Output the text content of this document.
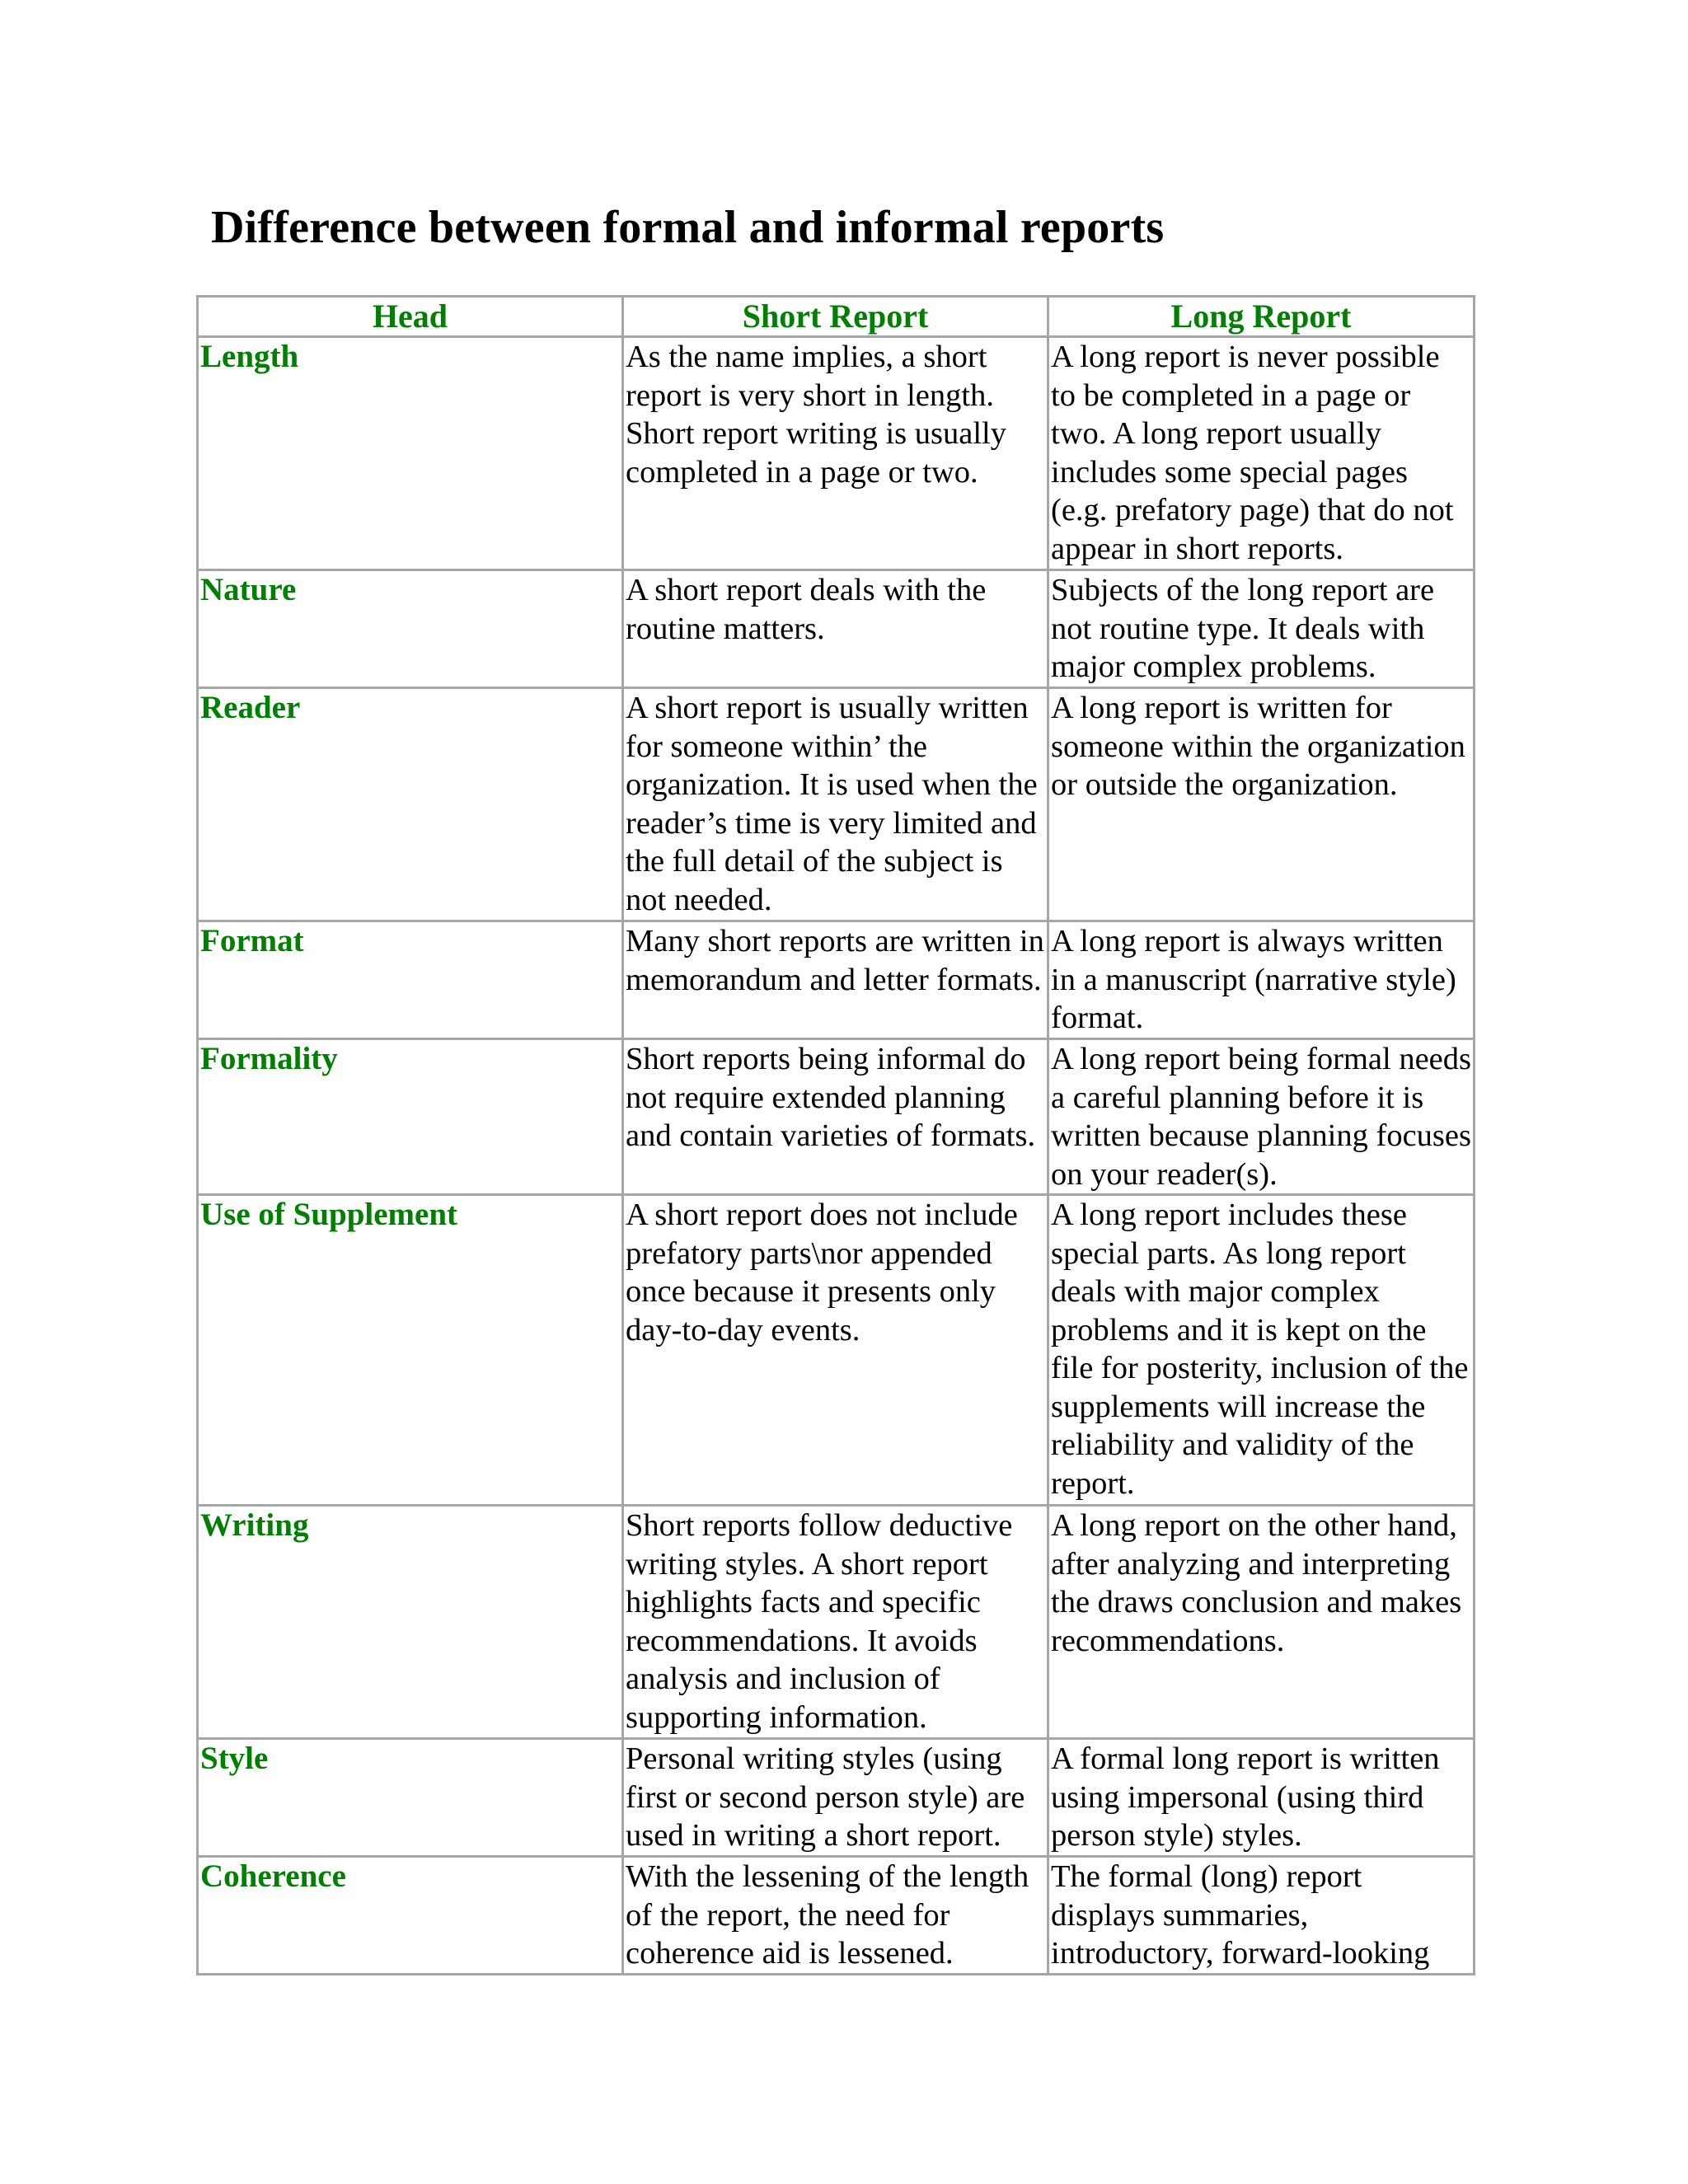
Difference between formal and informal reports
Head	Short Report	Long Report
Length	As the name implies, a short report is very short in length. Short report writing is usually completed in a page or two.	A long report is never possible to be completed in a page or two. A long report usually includes some special pages (e.g. prefatory page) that do not appear in short reports.
Nature	A short report deals with the routine matters.	Subjects of the long report are not routine type. It deals with major complex problems.
Reader	A short report is usually written for someone within’ the organization. It is used when the reader’s time is very limited and the full detail of the subject is not needed.	A long report is written for someone within the organization or outside the organization.
Format	Many short reports are written in memorandum and letter formats.	A long report is always written in a manuscript (narrative style) format.
Formality	Short reports being informal do not require extended planning and contain varieties of formats.	A long report being formal needs a careful planning before it is written because planning focuses on your reader(s).
Use of Supplement	A short report does not include prefatory parts\nor appended once because it presents only day-to-day events.	A long report includes these special parts. As long report deals with major complex problems and it is kept on the file for posterity, inclusion of the supplements will increase the reliability and validity of the report.
Writing	Short reports follow deductive writing styles. A short report highlights facts and specific recommendations. It avoids analysis and inclusion of supporting information.	A long report on the other hand, after analyzing and interpreting the draws conclusion and makes recommendations.
Style	Personal writing styles (using first or second person style) are used in writing a short report.	A formal long report is written using impersonal (using third person style) styles.
Coherence	With the lessening of the length of the report, the need for coherence aid is lessened.	The formal (long) report displays summaries, introductory, forward-looking
